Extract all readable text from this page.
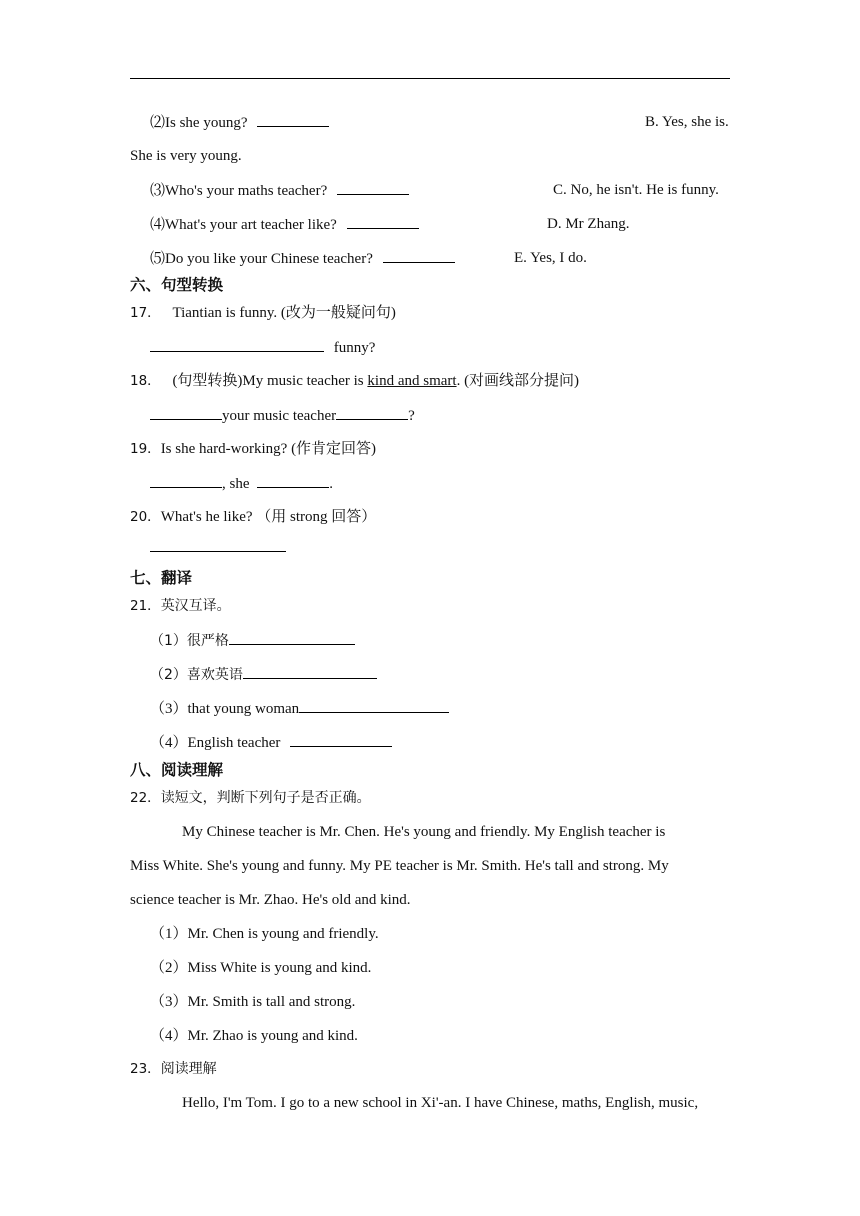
⑵Is she young?	B. Yes, she is.
She is very young.
⑶Who's your maths teacher?	C. No, he isn't. He is funny.
⑷What's your art teacher like?	D. Mr Zhang.
⑸Do you like your Chinese teacher?	E. Yes, I do.
六、句型转换
17． Tiantian is funny. (改为一般疑问句)
funny?
18． (句型转换)My music teacher is kind and smart. (对画线部分提问)
your music teacher	?
19．Is she hard-working? (作肯定回答)
, she	.
20．What's he like? （用 strong 回答）
七、翻译
21．英汉互译。
（1）很严格
（2）喜欢英语
（3）that young woman
（4）English teacher
八、阅读理解
22．读短文，判断下列句子是否正确。
My Chinese teacher is Mr. Chen. He's young and friendly. My English teacher is
Miss White. She's young and funny. My PE teacher is Mr. Smith. He's tall and strong. My
science teacher is Mr. Zhao. He's old and kind.
（1）Mr. Chen is young and friendly.
（2）Miss White is young and kind.
（3）Mr. Smith is tall and strong.
（4）Mr. Zhao is young and kind.
23．阅读理解
Hello, I'm Tom. I go to a new school in Xi'-an. I have Chinese, maths, English, music,
